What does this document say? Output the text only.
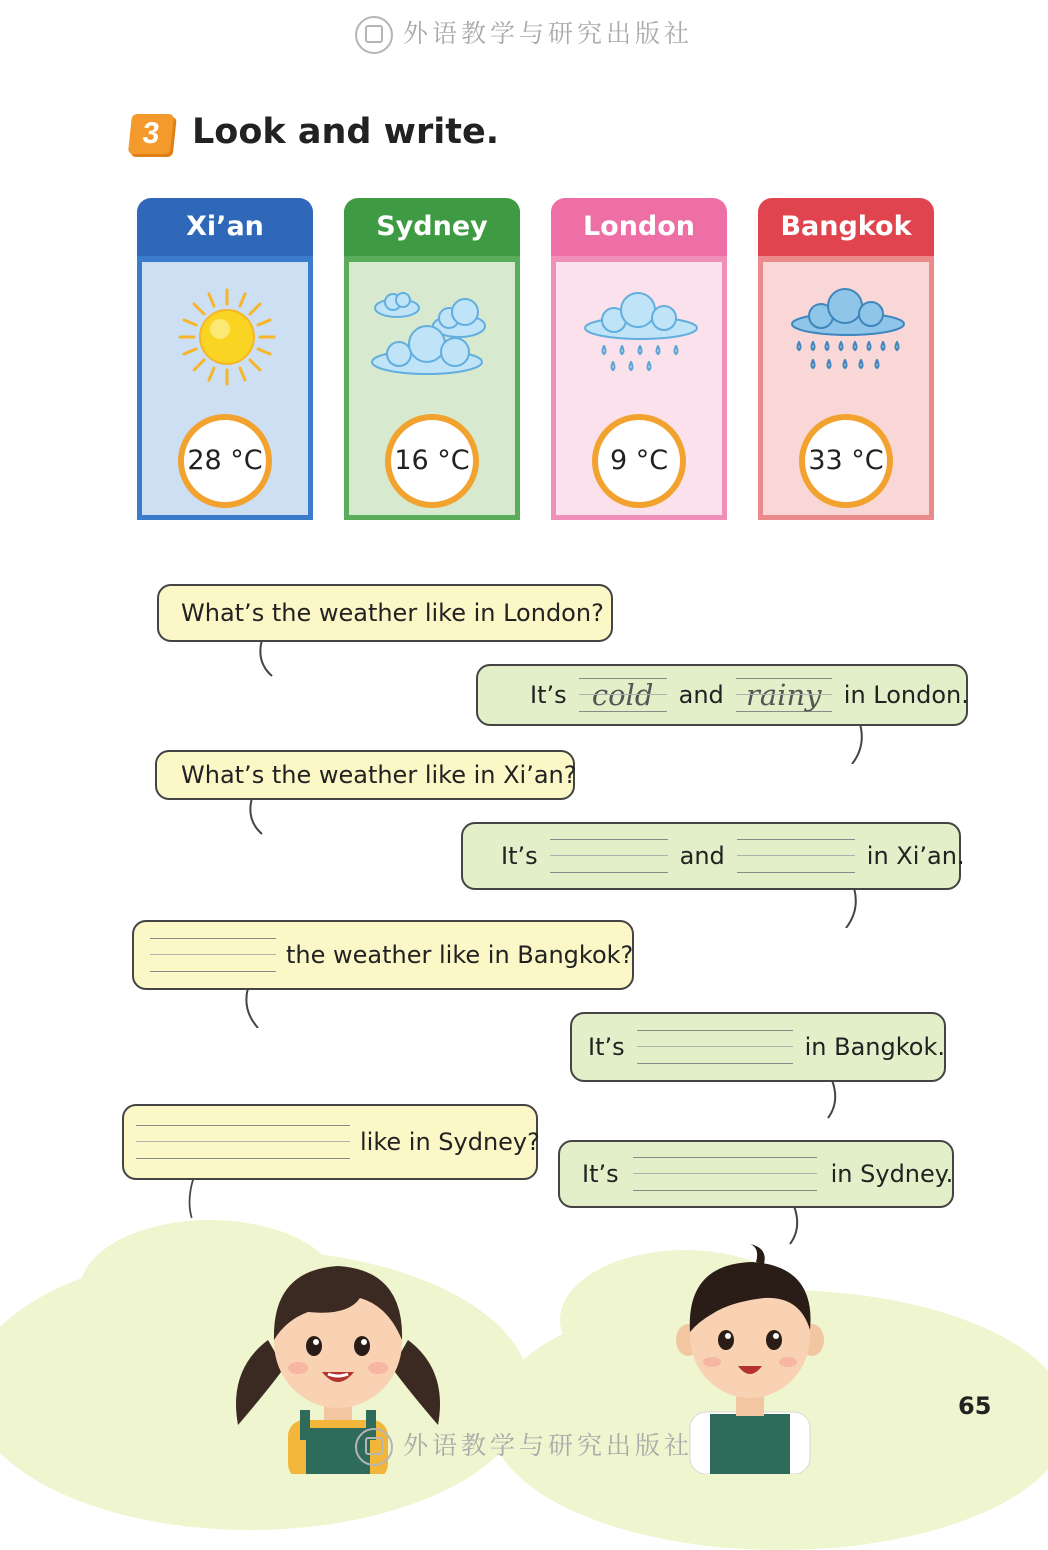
外语教学与研究出版社
3 Look and write.
Xi’an
28 °C
Sydney
16 °C
London
9 °C
Bangkok
33 °C
What’s the weather like in London?
It’s cold	and rainy in London.
What’s the weather like in Xi’an?
It’s	and	in Xi’an.
the weather like in Bangkok?
It’s	in Bangkok.
like in Sydney?
It’s	in Sydney.
外语教学与研究出版社
65
